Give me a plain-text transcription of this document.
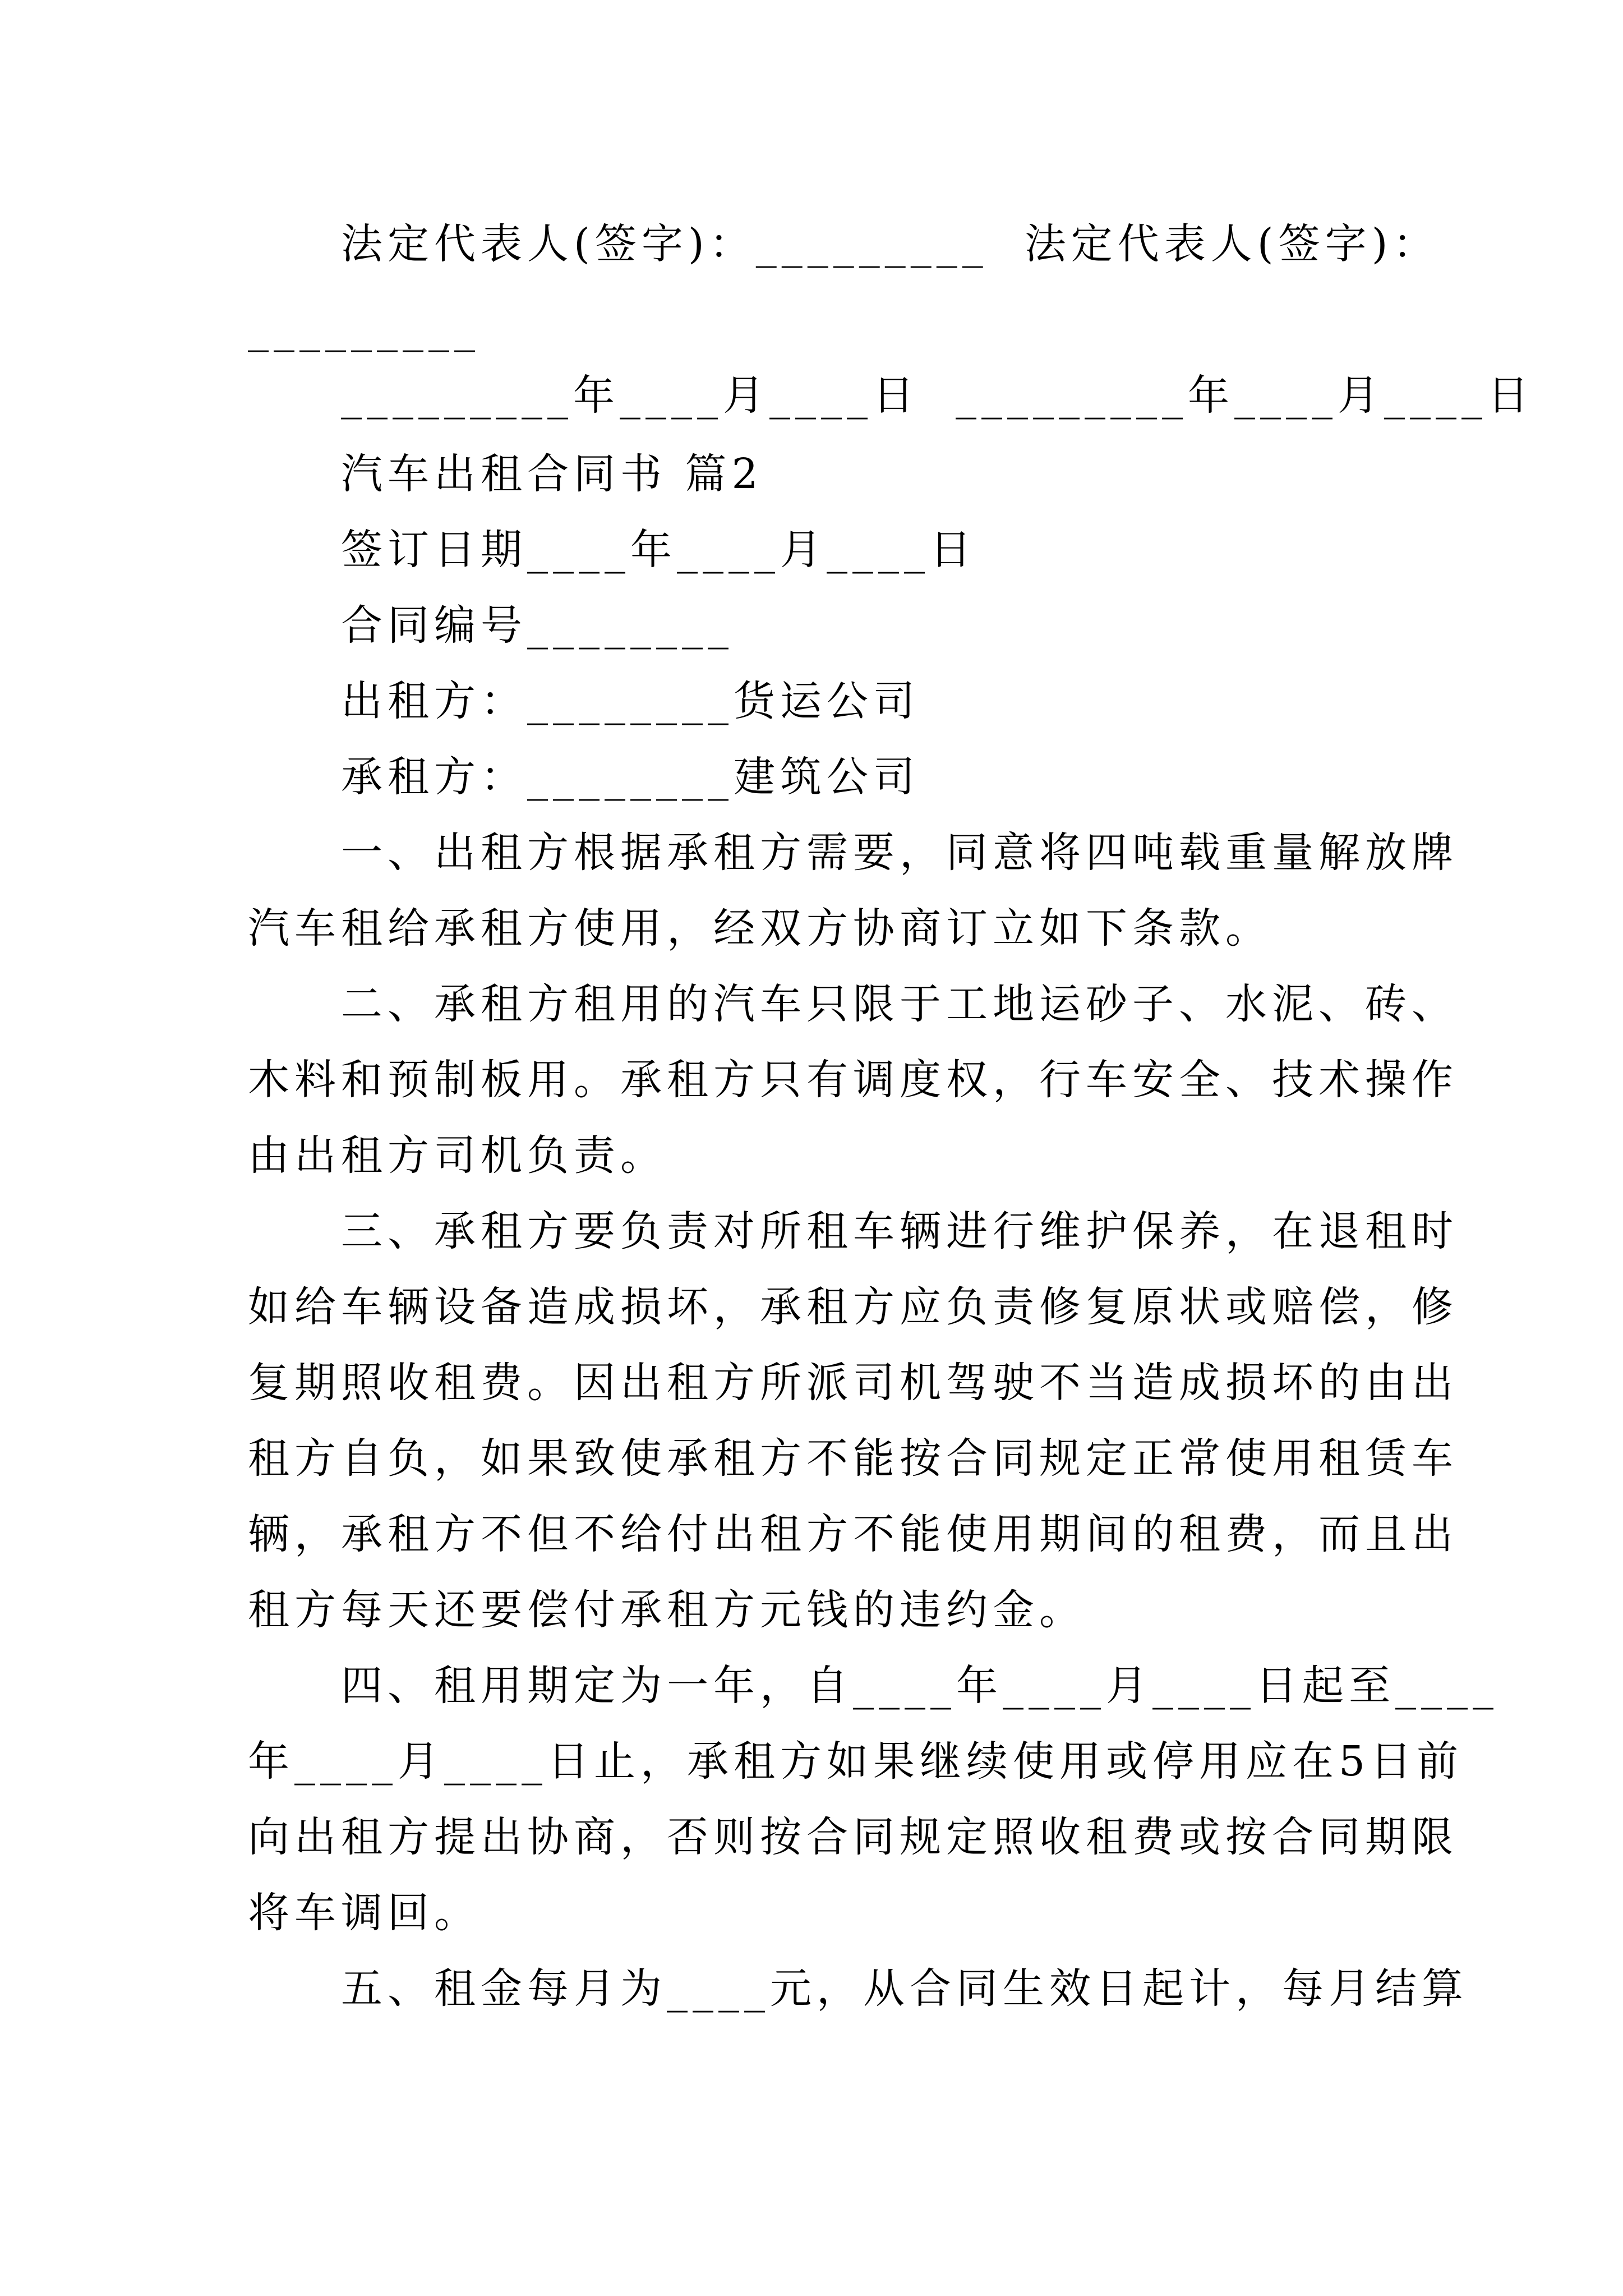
法定代表人(签字)：_________  法定代表人(签字)：
_________
_________年____月____日  _________年____月____日
汽车出租合同书 篇2
签订日期____年____月____日
合同编号________
出租方：________货运公司
承租方：________建筑公司
一、出租方根据承租方需要，同意将四吨载重量解放牌
汽车租给承租方使用，经双方协商订立如下条款。
二、承租方租用的汽车只限于工地运砂子、水泥、砖、
木料和预制板用。承租方只有调度权，行车安全、技术操作
由出租方司机负责。
三、承租方要负责对所租车辆进行维护保养，在退租时
如给车辆设备造成损坏，承租方应负责修复原状或赔偿，修
复期照收租费。因出租方所派司机驾驶不当造成损坏的由出
租方自负，如果致使承租方不能按合同规定正常使用租赁车
辆，承租方不但不给付出租方不能使用期间的租费，而且出
租方每天还要偿付承租方元钱的违约金。
四、租用期定为一年，自____年____月____日起至____
年____月____日止，承租方如果继续使用或停用应在5日前
向出租方提出协商，否则按合同规定照收租费或按合同期限
将车调回。
五、租金每月为____元，从合同生效日起计，每月结算
